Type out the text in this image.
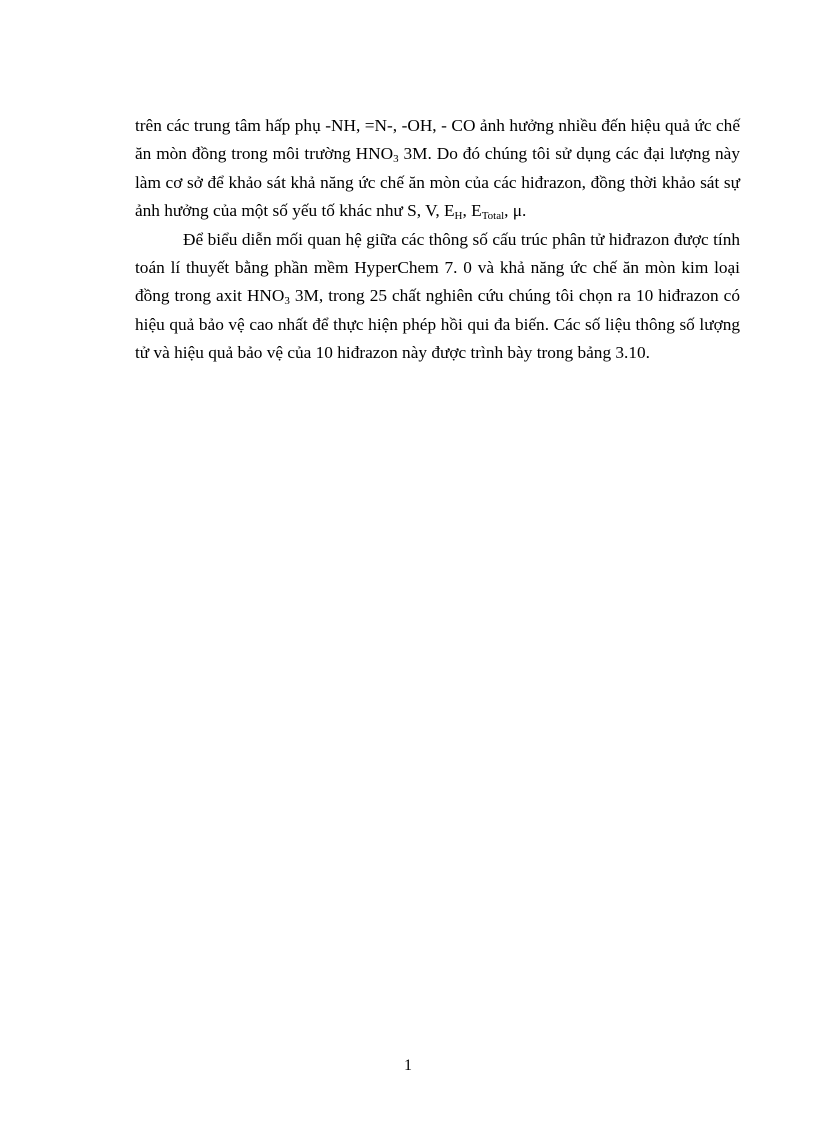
trên các trung tâm hấp phụ -NH, =N-, -OH, - CO ảnh hưởng nhiều đến hiệu quả ức chế ăn mòn đồng trong môi trường $HNO_3$ 3M. Do đó chúng tôi sử dụng các đại lượng này làm cơ sở để khảo sát khả năng ức chế ăn mòn của các hiđrazon, đồng thời khảo sát sự ảnh hưởng của một số yếu tố khác như S, V, $E_H$, $E_{Total}$, μ.

Để biểu diễn mối quan hệ giữa các thông số cấu trúc phân tử hiđrazon được tính toán lí thuyết bằng phần mềm HyperChem 7. 0 và khả năng ức chế ăn mòn kim loại đồng trong axit $HNO_3$ 3M, trong 25 chất nghiên cứu chúng tôi chọn ra 10 hiđrazon có hiệu quả bảo vệ cao nhất để thực hiện phép hồi qui đa biến. Các số liệu thông số lượng tử và hiệu quả bảo vệ của 10 hiđrazon này được trình bày trong bảng 3.10.

1
